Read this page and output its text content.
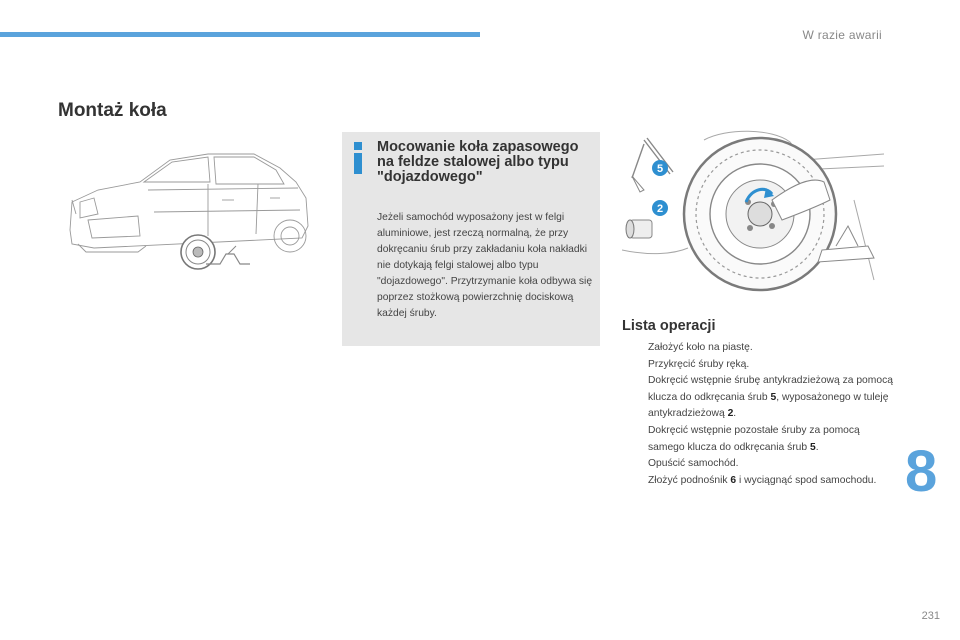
W razie awarii
Montaż koła
Mocowanie koła zapasowego na feldze stalowej albo typu "dojazdowego"

Jeżeli samochód wyposażony jest w felgi aluminiowe, jest rzeczą normalną, że przy dokręcaniu śrub przy zakładaniu koła nakładki nie dotykają felgi stalowej albo typu "dojazdowego". Przytrzymanie koła odbywa się poprzez stożkową powierzchnię dociskową każdej śruby.

5
2
Lista operacji
Założyć koło na piastę.
Przykręcić śruby ręką.
Dokręcić wstępnie śrubę antykradzieżową za pomocą klucza do odkręcania śrub 5, wyposażonego w tuleję antykradzieżową 2.
Dokręcić wstępnie pozostałe śruby za pomocą samego klucza do odkręcania śrub 5.
Opuścić samochód.
Złożyć podnośnik 6 i wyciągnąć spod samochodu. 8
231
